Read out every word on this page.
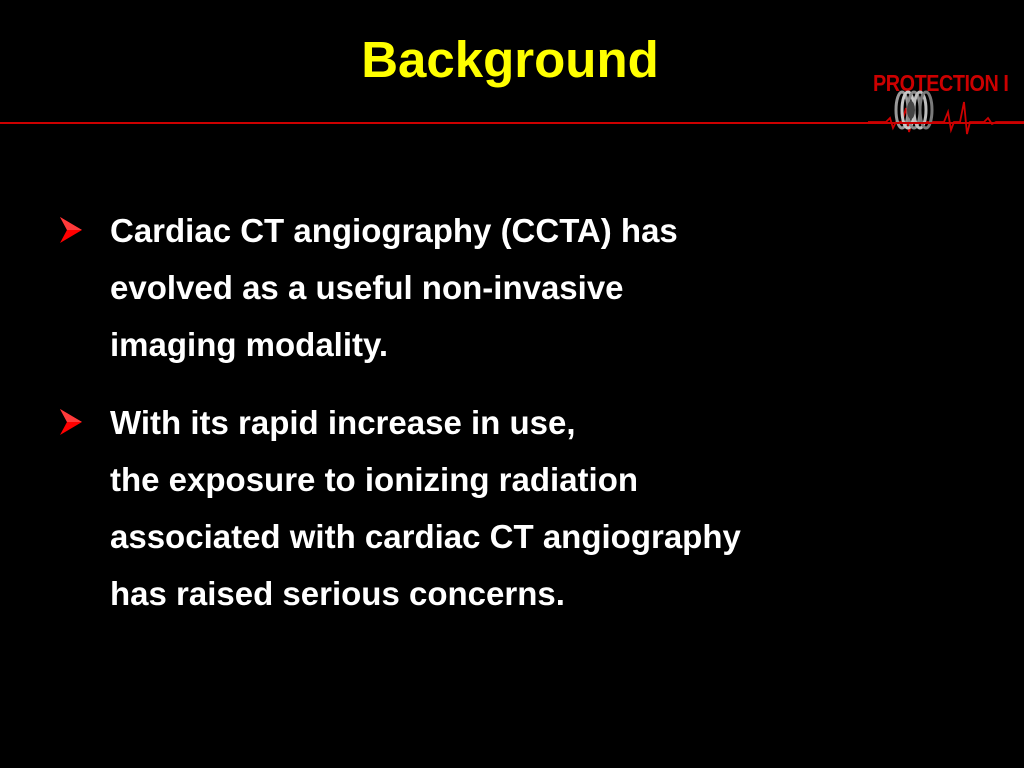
Background	PROTECTION I

Cardiac CT angiography (CCTA) has
evolved as a useful non-invasive
imaging modality.

With its rapid increase in use,
the exposure to ionizing radiation
associated with cardiac CT angiography
has raised serious concerns.
